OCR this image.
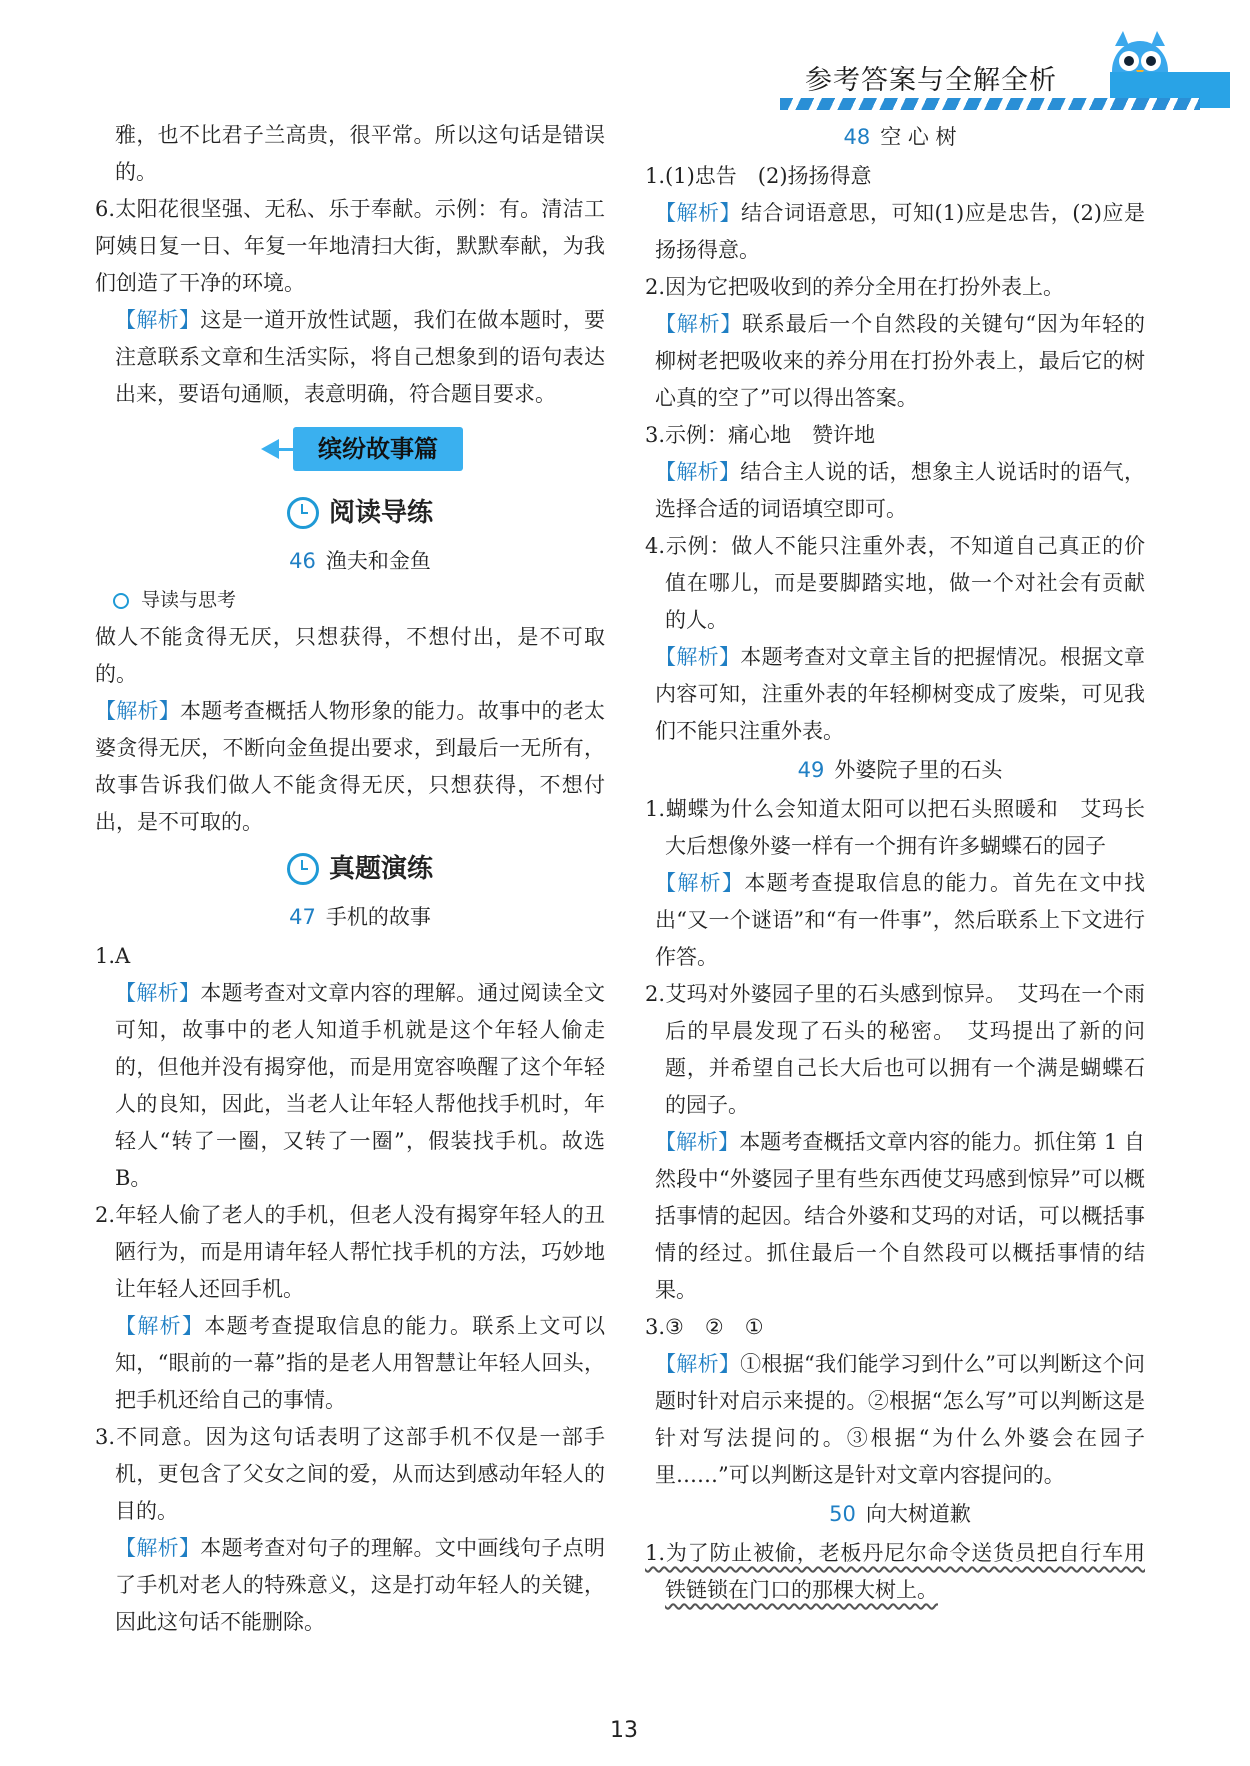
参考答案与全解全析

雅，也不比君子兰高贵，很平常。所以这句话是错误的。

6.太阳花很坚强、无私、乐于奉献。示例：有。清洁工阿姨日复一日、年复一年地清扫大街，默默奉献，为我们创造了干净的环境。

【解析】这是一道开放性试题，我们在做本题时，要注意联系文章和生活实际，将自己想象到的语句表达出来，要语句通顺，表意明确，符合题目要求。

缤纷故事篇
阅读导练
46 渔夫和金鱼
导读与思考

做人不能贪得无厌，只想获得，不想付出，是不可取的。

【解析】本题考查概括人物形象的能力。故事中的老太婆贪得无厌，不断向金鱼提出要求，到最后一无所有，故事告诉我们做人不能贪得无厌，只想获得，不想付出，是不可取的。

真题演练
47 手机的故事

1.A

【解析】本题考查对文章内容的理解。通过阅读全文可知，故事中的老人知道手机就是这个年轻人偷走的，但他并没有揭穿他，而是用宽容唤醒了这个年轻人的良知，因此，当老人让年轻人帮他找手机时，年轻人“转了一圈，又转了一圈”，假装找手机。故选 B。

2.年轻人偷了老人的手机，但老人没有揭穿年轻人的丑陋行为，而是用请年轻人帮忙找手机的方法，巧妙地让年轻人还回手机。

【解析】本题考查提取信息的能力。联系上文可以知，“眼前的一幕”指的是老人用智慧让年轻人回头，把手机还给自己的事情。

3.不同意。因为这句话表明了这部手机不仅是一部手机，更包含了父女之间的爱，从而达到感动年轻人的目的。

【解析】本题考查对句子的理解。文中画线句子点明了手机对老人的特殊意义，这是打动年轻人的关键，因此这句话不能删除。

48 空 心 树

1.(1)忠告　(2)扬扬得意

【解析】结合词语意思，可知(1)应是忠告，(2)应是扬扬得意。

2.因为它把吸收到的养分全用在打扮外表上。

【解析】联系最后一个自然段的关键句“因为年轻的柳树老把吸收来的养分用在打扮外表上，最后它的树心真的空了”可以得出答案。

3.示例：痛心地　赞许地

【解析】结合主人说的话，想象主人说话时的语气，选择合适的词语填空即可。

4.示例：做人不能只注重外表，不知道自己真正的价值在哪儿，而是要脚踏实地，做一个对社会有贡献的人。

【解析】本题考查对文章主旨的把握情况。根据文章内容可知，注重外表的年轻柳树变成了废柴，可见我们不能只注重外表。

49 外婆院子里的石头

1.蝴蝶为什么会知道太阳可以把石头照暖和　艾玛长大后想像外婆一样有一个拥有许多蝴蝶石的园子

【解析】本题考查提取信息的能力。首先在文中找出“又一个谜语”和“有一件事”，然后联系上下文进行作答。

2.艾玛对外婆园子里的石头感到惊异。　艾玛在一个雨后的早晨发现了石头的秘密。　艾玛提出了新的问题，并希望自己长大后也可以拥有一个满是蝴蝶石的园子。

【解析】本题考查概括文章内容的能力。抓住第 1 自然段中“外婆园子里有些东西使艾玛感到惊异”可以概括事情的起因。结合外婆和艾玛的对话，可以概括事情的经过。抓住最后一个自然段可以概括事情的结果。

3.③　②　①

【解析】①根据“我们能学习到什么”可以判断这个问题时针对启示来提的。②根据“怎么写”可以判断这是针对写法提问的。③根据“为什么外婆会在园子里……”可以判断这是针对文章内容提问的。

50 向大树道歉

1.为了防止被偷，老板丹尼尔命令送货员把自行车用铁链锁在门口的那棵大树上。

13
